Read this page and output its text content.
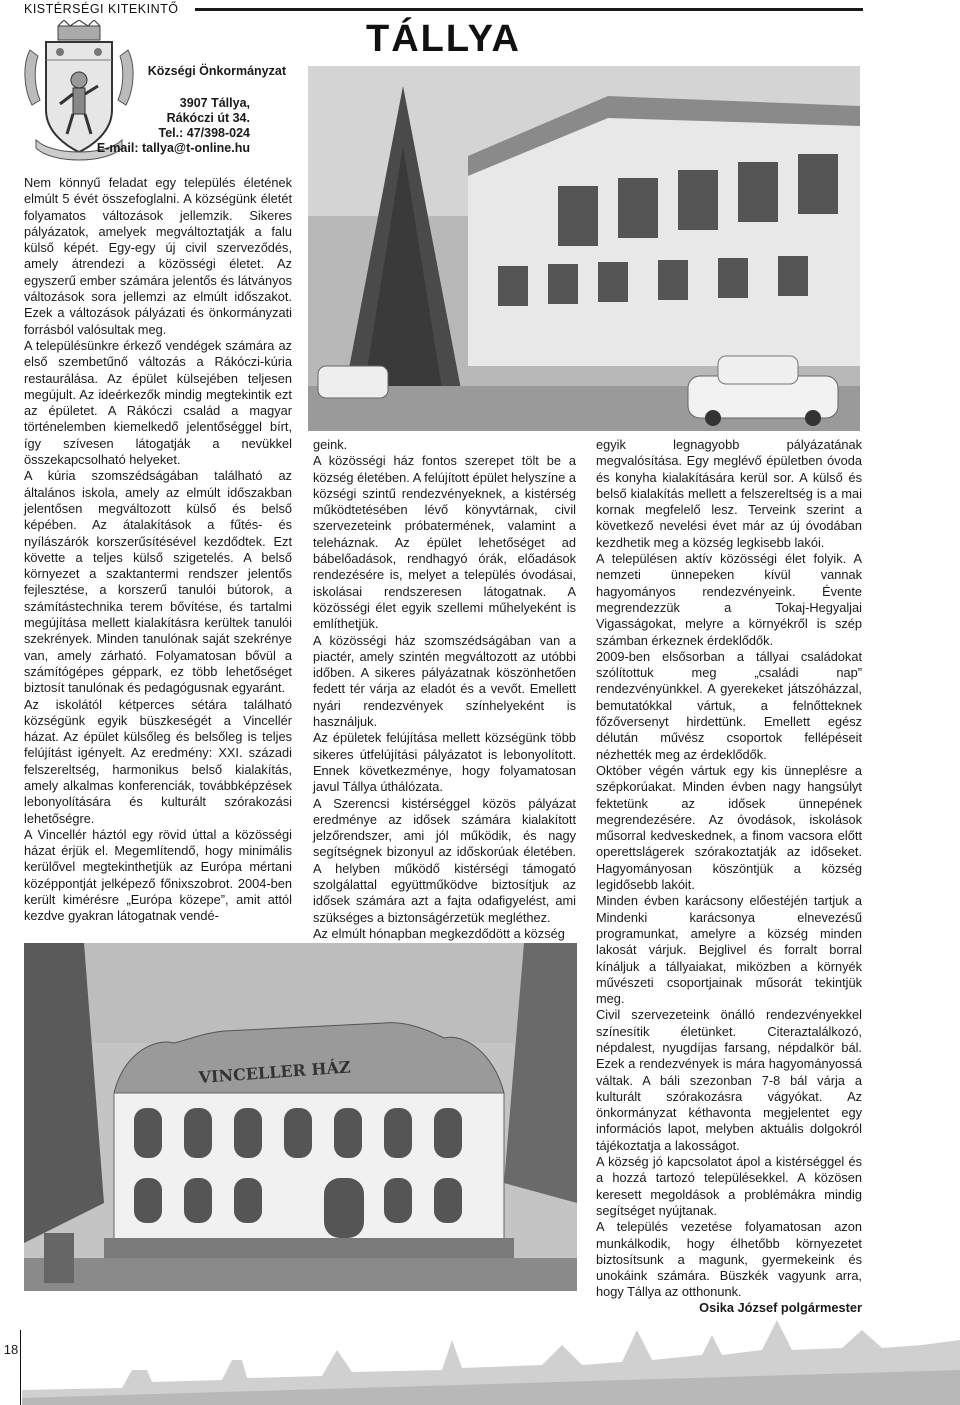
KISTÉRSÉGI KITEKINTŐ
TÁLLYA
Községi Önkormányzat
3907 Tállya,
Rákóczi út 34.
Tel.: 47/398-024
E-mail: tallya@t-online.hu

Nem könnyű feladat egy település életének elmúlt 5 évét összefoglalni. A községünk életét folyamatos változások jellemzik. Sikeres pályázatok, amelyek megváltoztatják a falu külső képét. Egy-egy új civil szerveződés, amely átrendezi a közösségi életet. Az egyszerű ember számára jelentős és látványos változások sora jellemzi az elmúlt időszakot. Ezek a változások pályázati és önkormányzati forrásból valósultak meg.

A településünkre érkező vendégek számára az első szembetűnő változás a Rákóczi-kúria restaurálása. Az épület külsejében teljesen megújult. Az ideérkezők mindig megtekintik ezt az épületet. A Rákóczi család a magyar történelemben kiemelkedő jelentőséggel bírt, így szívesen látogatják a nevükkel összekapcsolható helyeket.

A kúria szomszédságában található az általános iskola, amely az elmúlt időszakban jelentősen megváltozott külső és belső képében. Az átalakítások a fűtés- és nyílászárók korszerűsítésével kezdődtek. Ezt követte a teljes külső szigetelés. A belső környezet a szaktantermi rendszer jelentős fejlesztése, a korszerű tanulói bútorok, a számítástechnika terem bővítése, és tartalmi megújítása mellett kialakításra kerültek tanulói szekrények. Minden tanulónak saját szekrénye van, amely zárható. Folyamatosan bővül a számítógépes géppark, ez több lehetőséget biztosít tanulónak és pedagógusnak egyaránt.

Az iskolától kétperces sétára található községünk egyik büszkeségét a Vincellér házat. Az épület külsőleg és belsőleg is teljes felújítást igényelt. Az eredmény: XXI. századi felszereltség, harmonikus belső kialakítás, amely alkalmas konferenciák, továbbképzések lebonyolítására és kulturált szórakozási lehetőségre.

A Vincellér háztól egy rövid úttal a közösségi házat érjük el. Megemlítendő, hogy minimális kerülővel megtekinthetjük az Európa mértani középpontját jelképező főnixszobrot. 2004-ben került kimérésre „Európa közepe”, amit attól kezdve gyakran látogatnak vendé-

geink.

A közösségi ház fontos szerepet tölt be a község életében. A felújított épület helyszíne a községi szintű rendezvényeknek, a kistérség működtetésében lévő könyvtárnak, civil szervezeteink próbatermének, valamint a teleháznak. Az épület lehetőséget ad bábelőadások, rendhagyó órák, előadások rendezésére is, melyet a település óvodásai, iskolásai rendszeresen látogatnak. A közösségi élet egyik szellemi műhelyeként is említhetjük.

A közösségi ház szomszédságában van a piactér, amely szintén megváltozott az utóbbi időben. A sikeres pályázatnak köszönhetően fedett tér várja az eladót és a vevőt. Emellett nyári rendezvények színhelyeként is használjuk.

Az épületek felújítása mellett községünk több sikeres útfelújítási pályázatot is lebonyolított. Ennek következménye, hogy folyamatosan javul Tállya úthálózata.

A Szerencsi kistérséggel közös pályázat eredménye az idősek számára kialakított jelzőrendszer, ami jól működik, és nagy segítségnek bizonyul az időskorúak életében. A helyben működő kistérségi támogató szolgálattal együttműködve biztosítjuk az idősek számára azt a fajta odafigyelést, ami szükséges a biztonságérzetük megléthez.

Az elmúlt hónapban megkezdődött a község

egyik legnagyobb pályázatának megvalósítása. Egy meglévő épületben óvoda és konyha kialakítására kerül sor. A külső és belső kialakítás mellett a felszereltség is a mai kornak megfelelő lesz. Terveink szerint a következő nevelési évet már az új óvodában kezdhetik meg a község legkisebb lakói.

A településen aktív közösségi élet folyik. A nemzeti ünnepeken kívül vannak hagyományos rendezvényeink. Évente megrendezzük a Tokaj-Hegyaljai Vigasságokat, melyre a környékről is szép számban érkeznek érdeklődők.

2009-ben elsősorban a tállyai családokat szólítottuk meg „családi nap” rendezvényünkkel. A gyerekeket játszóházzal, bemutatókkal vártuk, a felnőtteknek főzőversenyt hirdettünk. Emellett egész délután művész csoportok fellépéseit nézhették meg az érdeklődők.

Október végén vártuk egy kis ünneplésre a szépkorúakat. Minden évben nagy hangsúlyt fektetünk az idősek ünnepének megrendezésére. Az óvodások, iskolások műsorral kedveskednek, a finom vacsora előtt operettslágerek szórakoztatják az időseket. Hagyományosan köszöntjük a község legidősebb lakóit.

Minden évben karácsony előestéjén tartjuk a Mindenki karácsonya elnevezésű programunkat, amelyre a község minden lakosát várjuk. Bejglivel és forralt borral kínáljuk a tállyaiakat, miközben a környék művészeti csoportjainak műsorát tekintjük meg.

Civil szervezeteink önálló rendezvényekkel színesítik életünket. Citeraztalálkozó, népdalest, nyugdíjas farsang, népdalkör bál. Ezek a rendezvények is mára hagyományossá váltak. A báli szezonban 7-8 bál várja a kulturált szórakozásra vágyókat. Az önkormányzat kéthavonta megjelentet egy információs lapot, melyben aktuális dolgokról tájékoztatja a lakosságot.

A község jó kapcsolatot ápol a kistérséggel és a hozzá tartozó településekkel. A közösen keresett megoldások a problémákra mindig segítséget nyújtanak.

A település vezetése folyamatosan azon munkálkodik, hogy élhetőbb környezetet biztosítsunk a magunk, gyermekeink és unokáink számára. Büszkék vagyunk arra, hogy Tállya az otthonunk.

VINCELLER HÁZ
Osika József polgármester
18
